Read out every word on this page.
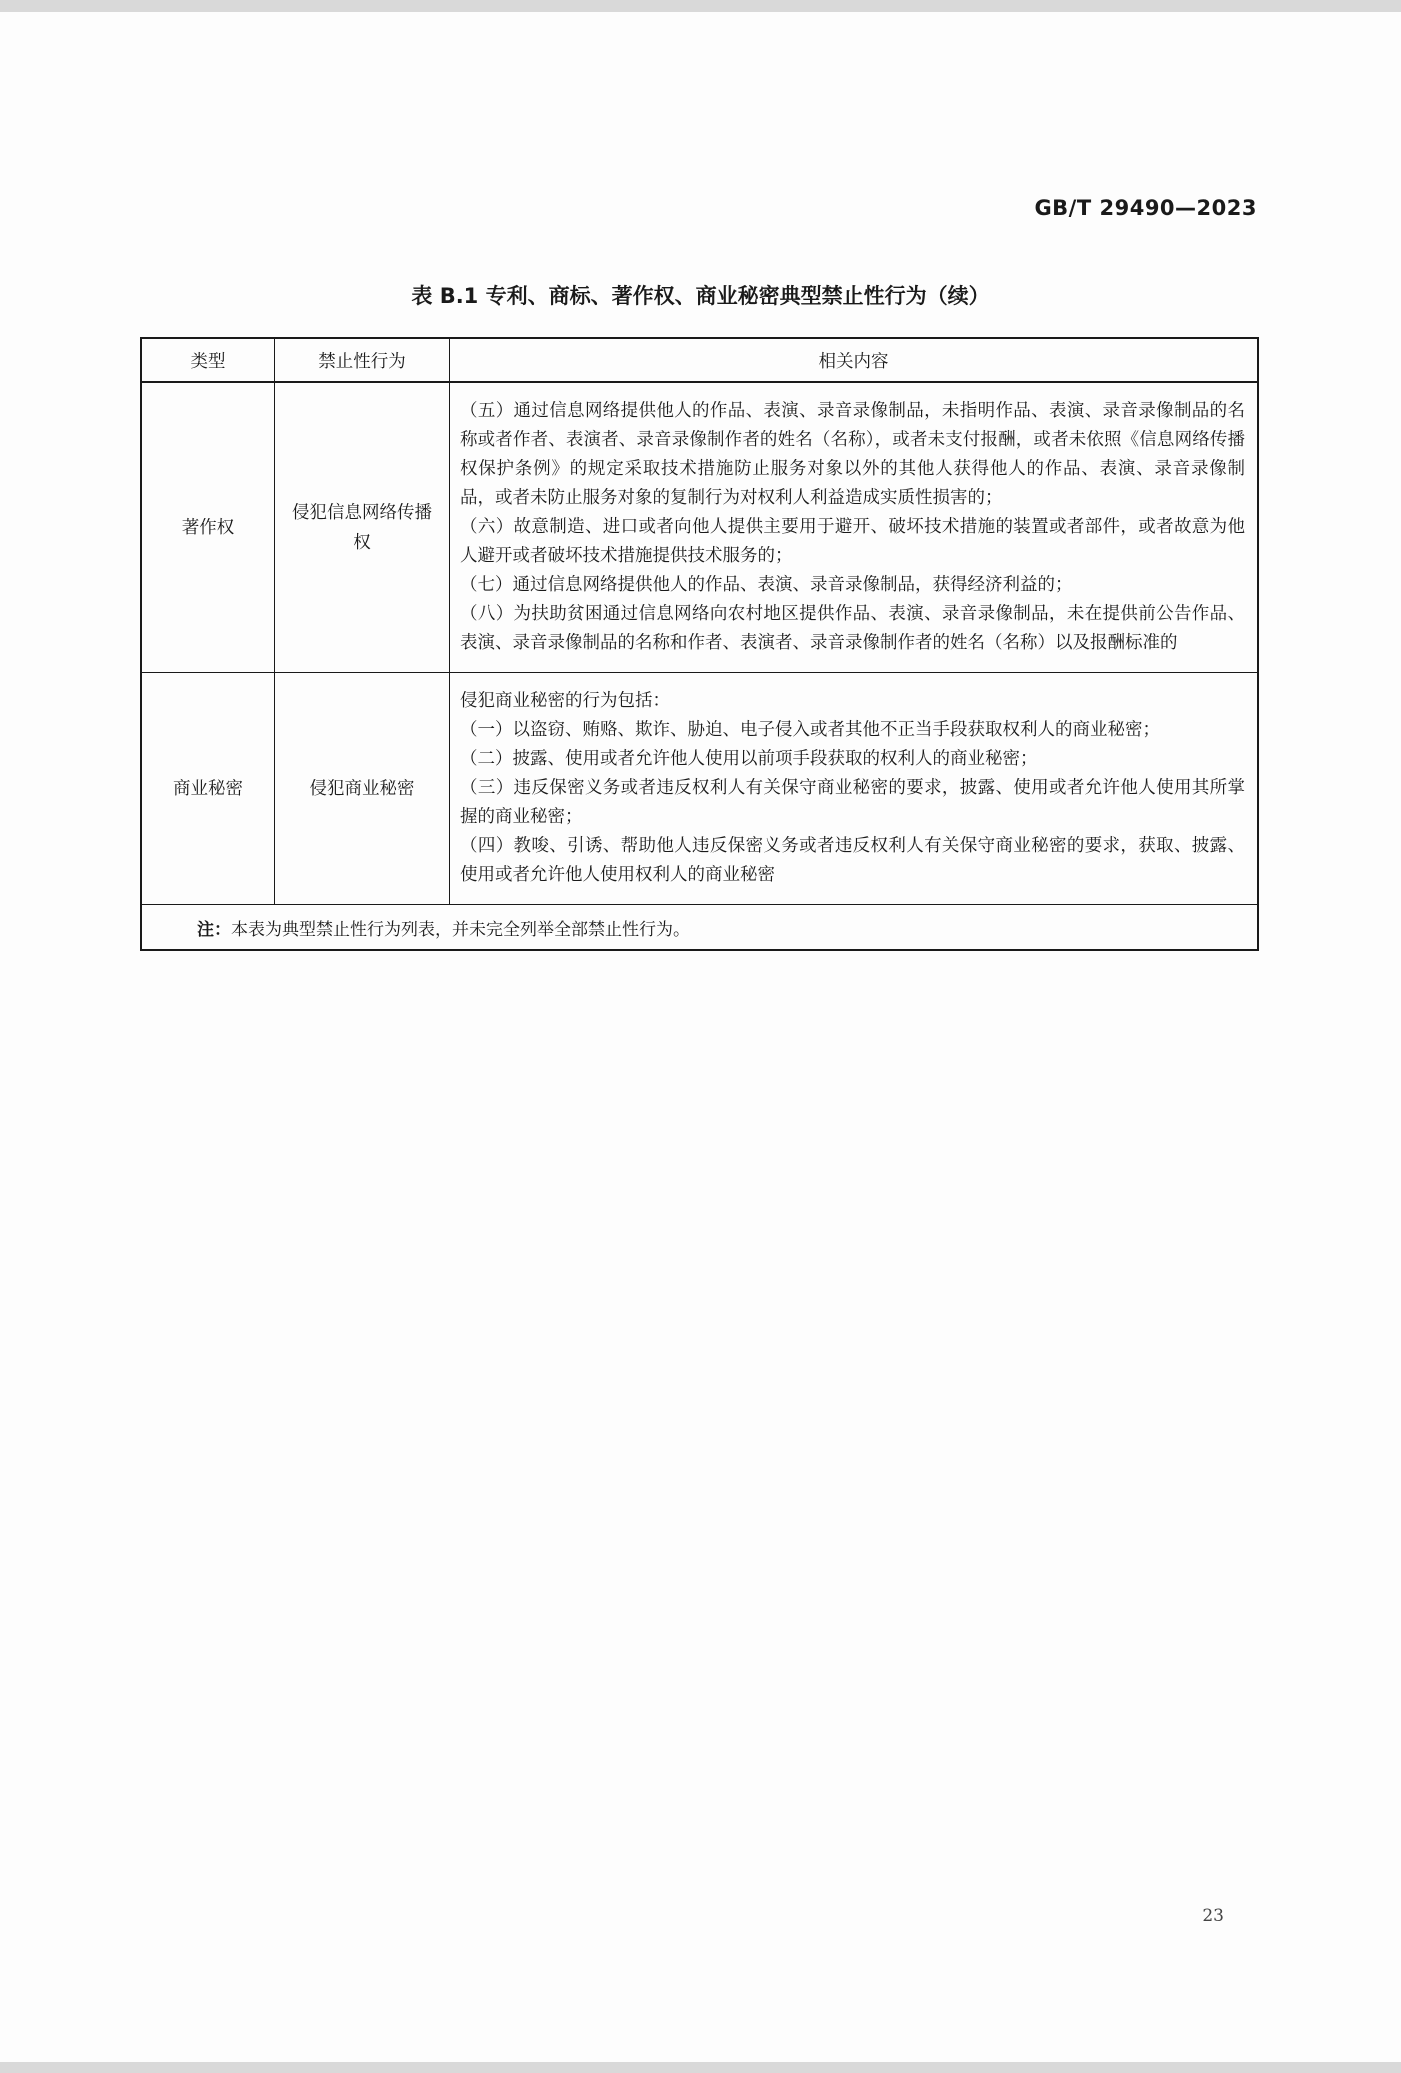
GB/T 29490—2023
表 B.1 专利、商标、著作权、商业秘密典型禁止性行为（续）
类型	禁止性行为	相关内容
著作权	侵犯信息网络传播权	（五）通过信息网络提供他人的作品、表演、录音录像制品，未指明作品、表演、录音录像制品的名称或者作者、表演者、录音录像制作者的姓名（名称），或者未支付报酬，或者未依照《信息网络传播权保护条例》的规定采取技术措施防止服务对象以外的其他人获得他人的作品、表演、录音录像制品，或者未防止服务对象的复制行为对权利人利益造成实质性损害的；
（六）故意制造、进口或者向他人提供主要用于避开、破坏技术措施的装置或者部件，或者故意为他人避开或者破坏技术措施提供技术服务的；
（七）通过信息网络提供他人的作品、表演、录音录像制品，获得经济利益的；
（八）为扶助贫困通过信息网络向农村地区提供作品、表演、录音录像制品，未在提供前公告作品、表演、录音录像制品的名称和作者、表演者、录音录像制作者的姓名（名称）以及报酬标准的

商业秘密	侵犯商业秘密	侵犯商业秘密的行为包括：
（一）以盗窃、贿赂、欺诈、胁迫、电子侵入或者其他不正当手段获取权利人的商业秘密；
（二）披露、使用或者允许他人使用以前项手段获取的权利人的商业秘密；
（三）违反保密义务或者违反权利人有关保守商业秘密的要求，披露、使用或者允许他人使用其所掌握的商业秘密；
（四）教唆、引诱、帮助他人违反保密义务或者违反权利人有关保守商业秘密的要求，获取、披露、使用或者允许他人使用权利人的商业秘密

注：本表为典型禁止性行为列表，并未完全列举全部禁止性行为。		
23
